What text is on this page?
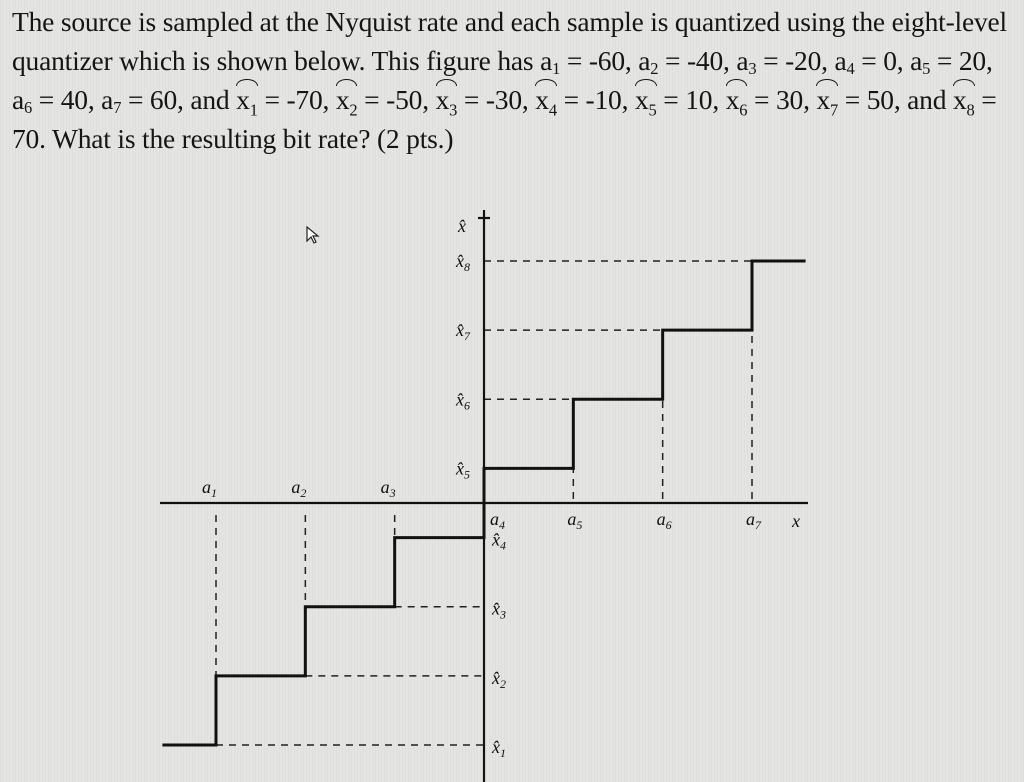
The source is sampled at the Nyquist rate and each sample is quantized using the eight-level quantizer which is shown below. This figure has $a_1 = -60$, $a_2 = -40$, $a_3 = -20$, $a_4 = 0$, $a_5 = 20$, $a_6 = 40$, $a_7 = 60$, and $x_1 = -70$, $x_2 = -50$, $x_3 = -30$, $x_4 = -10$, $x_5 = 10$, $x_6 = 30$, $x_7 = 50$, and $x_8 = 70$. What is the resulting bit rate? (2 pts.)

$a_1$	$a_2$	$a_3$
$a_4$	$a_5$	$a_6$	$a_7$
$x̂_1$
$x̂_2$
$x̂_3$
$x̂_4$
$x̂_5$
$x̂_6$
$x̂_7$
$x̂_8$
x̂
x
